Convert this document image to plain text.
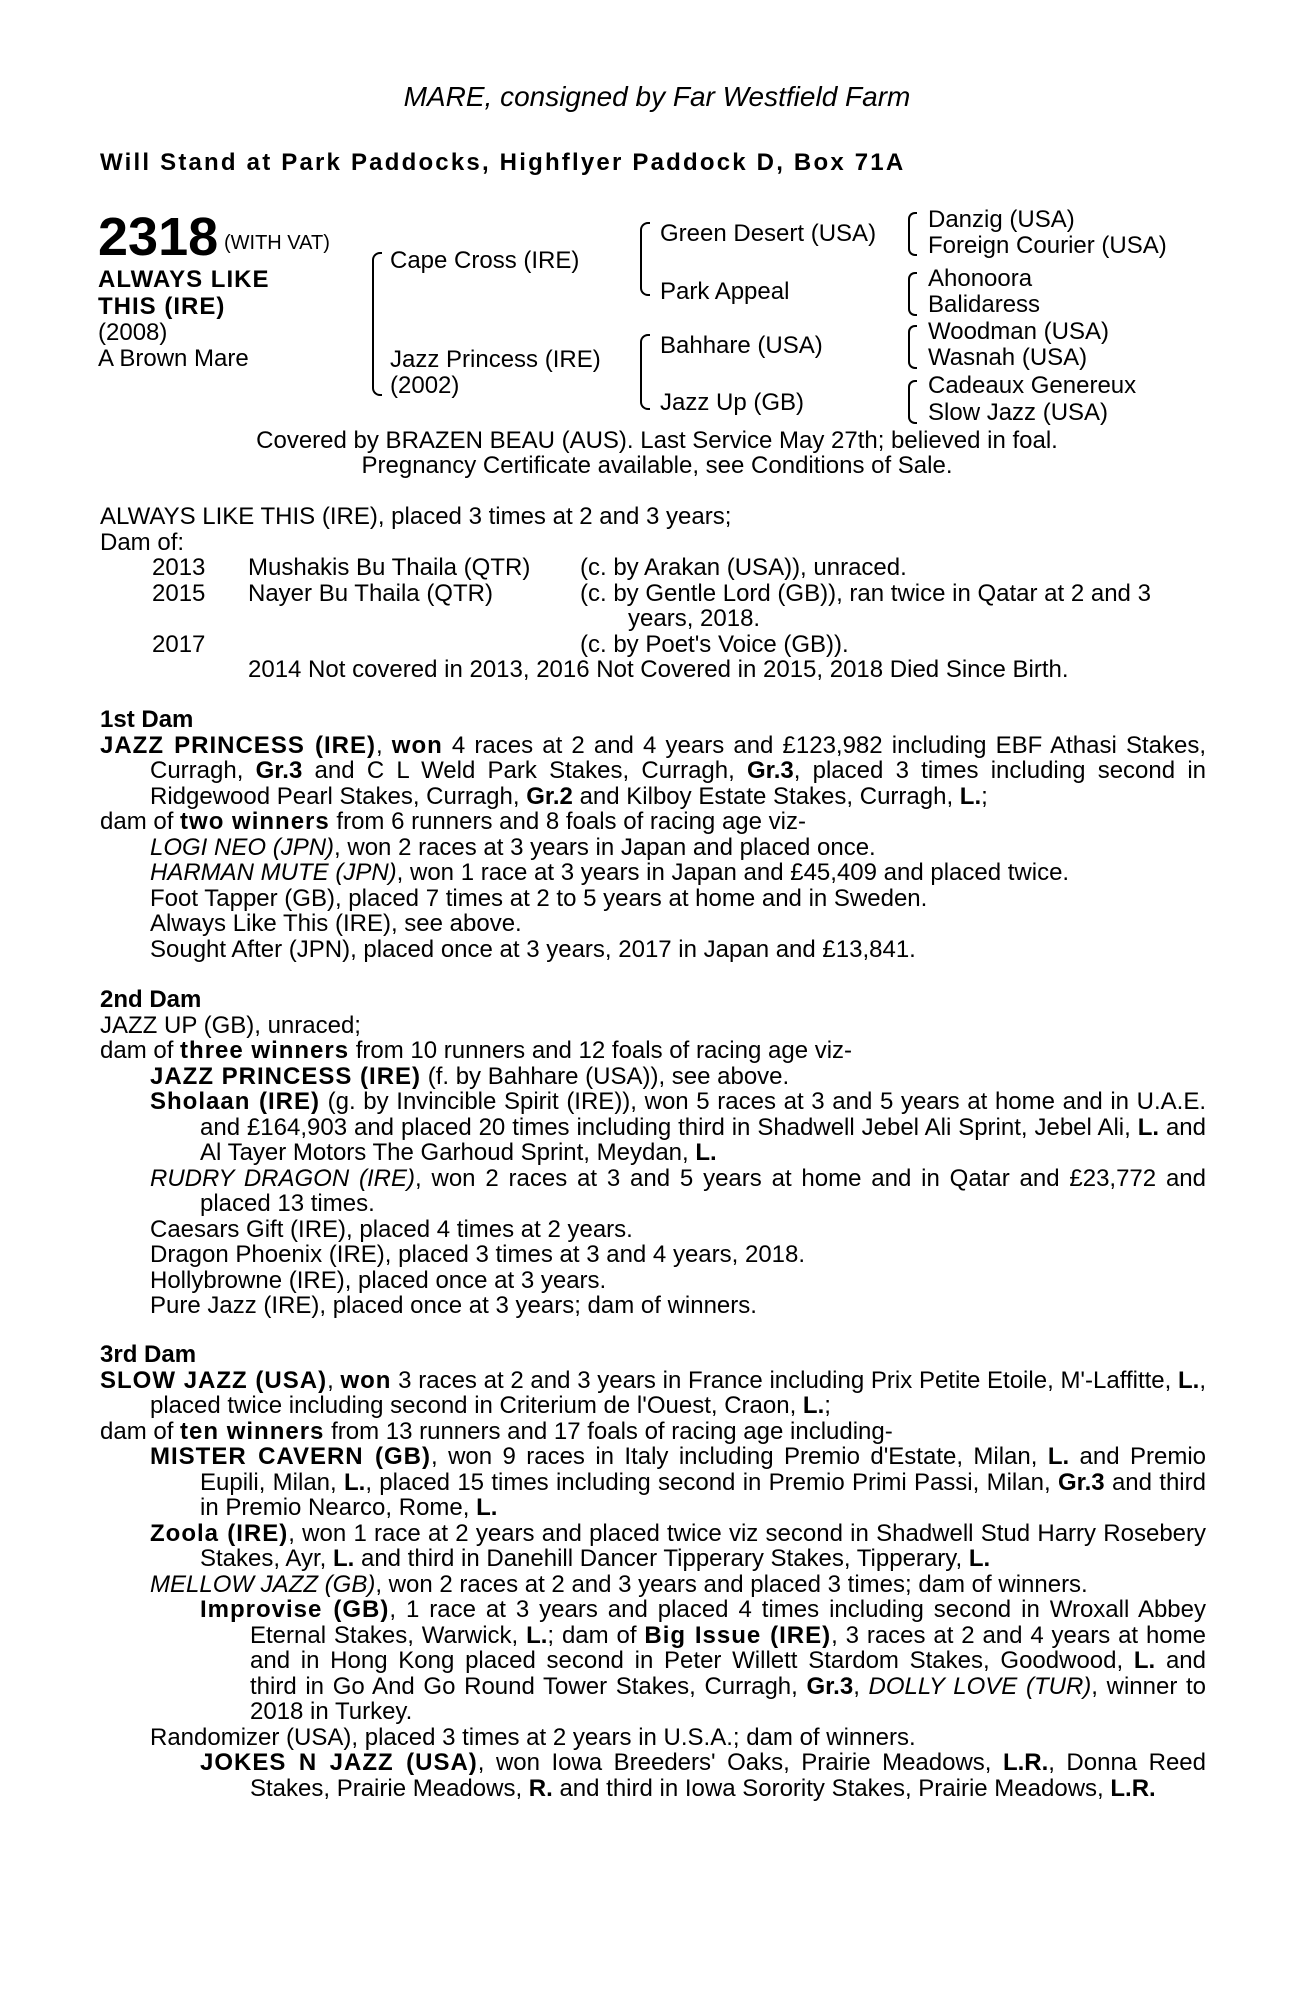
MARE, consigned by Far Westfield Farm
Will Stand at Park Paddocks, Highflyer Paddock D, Box 71A
2318 (WITH VAT)
ALWAYS LIKE
THIS (IRE)
(2008)
A Brown Mare
Cape Cross (IRE)
Jazz Princess (IRE)
(2002)
Green Desert (USA)
Park Appeal
Bahhare (USA)
Jazz Up (GB)
Danzig (USA)
Foreign Courier (USA)
Ahonoora
Balidaress
Woodman (USA)
Wasnah (USA)
Cadeaux Genereux
Slow Jazz (USA)
Covered by BRAZEN BEAU (AUS). Last Service May 27th; believed in foal.
Pregnancy Certificate available, see Conditions of Sale.

ALWAYS LIKE THIS (IRE), placed 3 times at 2 and 3 years;

Dam of:

2013 Mushakis Bu Thaila (QTR) (c. by Arakan (USA)), unraced.
2015 Nayer Bu Thaila (QTR)	(c. by Gentle Lord (GB)), ran twice in Qatar at 2 and 3
years, 2018.
2017	(c. by Poet's Voice (GB)).
2014 Not covered in 2013, 2016 Not Covered in 2015, 2018 Died Since Birth.

1st Dam

JAZZ PRINCESS (IRE), won 4 races at 2 and 4 years and £123,982 including EBF Athasi Stakes, Curragh, Gr.3 and C L Weld Park Stakes, Curragh, Gr.3, placed 3 times including second in Ridgewood Pearl Stakes, Curragh, Gr.2 and Kilboy Estate Stakes, Curragh, L.;

dam of two winners from 6 runners and 8 foals of racing age viz-

LOGI NEO (JPN), won 2 races at 3 years in Japan and placed once.

HARMAN MUTE (JPN), won 1 race at 3 years in Japan and £45,409 and placed twice.

Foot Tapper (GB), placed 7 times at 2 to 5 years at home and in Sweden.

Always Like This (IRE), see above.

Sought After (JPN), placed once at 3 years, 2017 in Japan and £13,841.

2nd Dam

JAZZ UP (GB), unraced;

dam of three winners from 10 runners and 12 foals of racing age viz-

JAZZ PRINCESS (IRE) (f. by Bahhare (USA)), see above.

Sholaan (IRE) (g. by Invincible Spirit (IRE)), won 5 races at 3 and 5 years at home and in U.A.E. and £164,903 and placed 20 times including third in Shadwell Jebel Ali Sprint, Jebel Ali, L. and Al Tayer Motors The Garhoud Sprint, Meydan, L.

RUDRY DRAGON (IRE), won 2 races at 3 and 5 years at home and in Qatar and £23,772 and placed 13 times.

Caesars Gift (IRE), placed 4 times at 2 years.

Dragon Phoenix (IRE), placed 3 times at 3 and 4 years, 2018.

Hollybrowne (IRE), placed once at 3 years.

Pure Jazz (IRE), placed once at 3 years; dam of winners.

3rd Dam

SLOW JAZZ (USA), won 3 races at 2 and 3 years in France including Prix Petite Etoile, M'-Laffitte, L., placed twice including second in Criterium de l'Ouest, Craon, L.;

dam of ten winners from 13 runners and 17 foals of racing age including-

MISTER CAVERN (GB), won 9 races in Italy including Premio d'Estate, Milan, L. and Premio Eupili, Milan, L., placed 15 times including second in Premio Primi Passi, Milan, Gr.3 and third in Premio Nearco, Rome, L.

Zoola (IRE), won 1 race at 2 years and placed twice viz second in Shadwell Stud Harry Rosebery Stakes, Ayr, L. and third in Danehill Dancer Tipperary Stakes, Tipperary, L.

MELLOW JAZZ (GB), won 2 races at 2 and 3 years and placed 3 times; dam of winners.

Improvise (GB), 1 race at 3 years and placed 4 times including second in Wroxall Abbey Eternal Stakes, Warwick, L.; dam of Big Issue (IRE), 3 races at 2 and 4 years at home and in Hong Kong placed second in Peter Willett Stardom Stakes, Goodwood, L. and third in Go And Go Round Tower Stakes, Curragh, Gr.3, DOLLY LOVE (TUR), winner to 2018 in Turkey.

Randomizer (USA), placed 3 times at 2 years in U.S.A.; dam of winners.

JOKES N JAZZ (USA), won Iowa Breeders' Oaks, Prairie Meadows, L.R., Donna Reed Stakes, Prairie Meadows, R. and third in Iowa Sorority Stakes, Prairie Meadows, L.R.
